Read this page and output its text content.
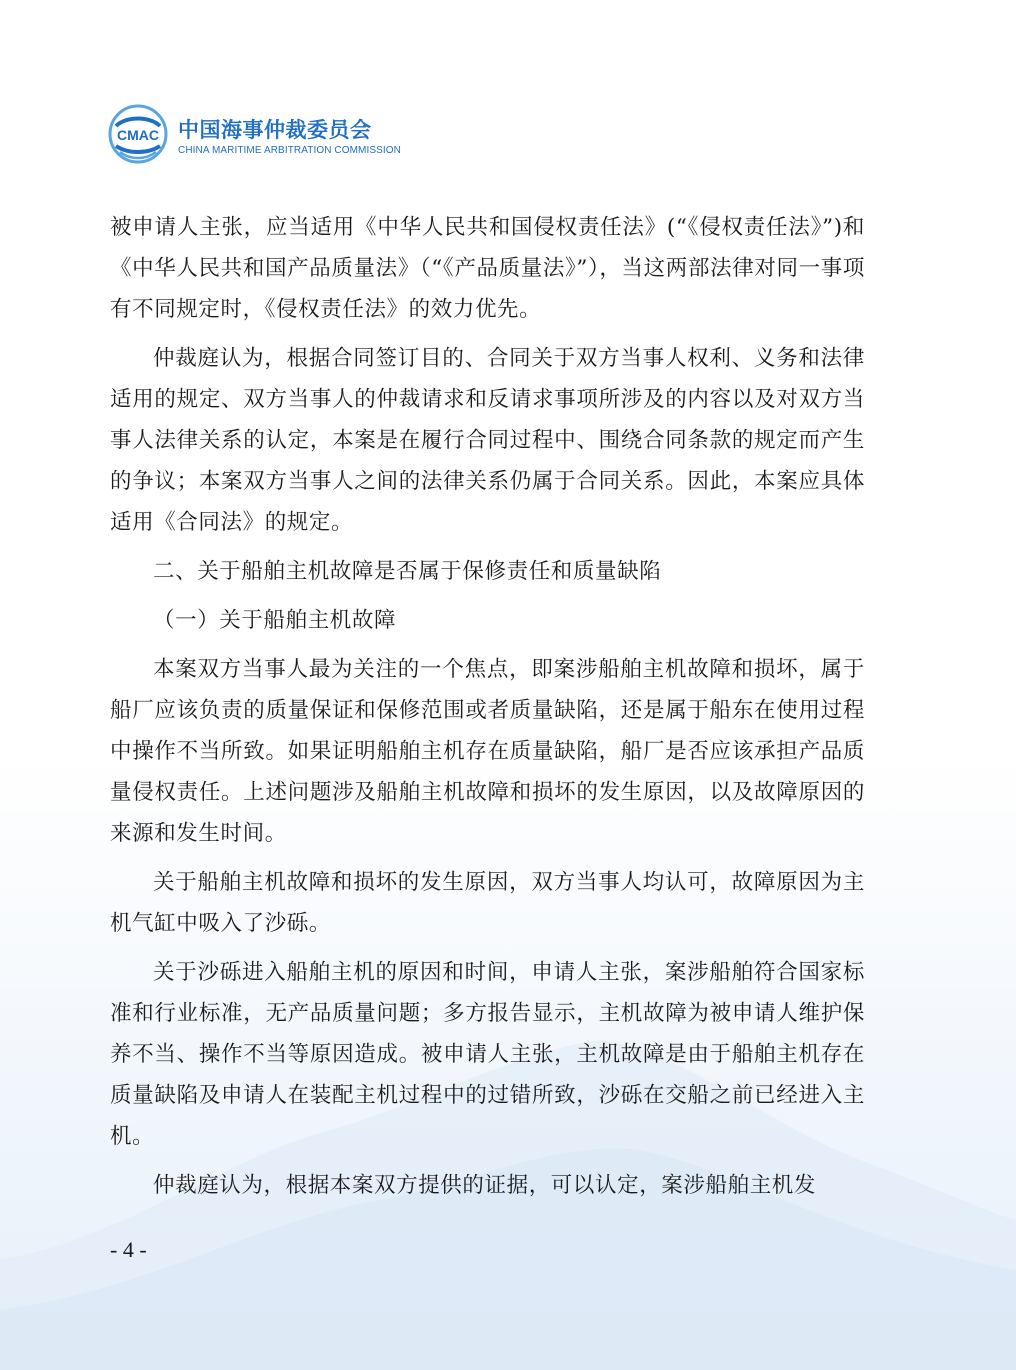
CMAC 中国海事仲裁委员会
CHINA MARITIME ARBITRATION COMMISSION

被申请人主张，应当适用《中华人民共和国侵权责任法》(“《侵权责任法》”)和《中华人民共和国产品质量法》（“《产品质量法》”），当这两部法律对同一事项有不同规定时，《侵权责任法》的效力优先。

仲裁庭认为，根据合同签订目的、合同关于双方当事人权利、义务和法律适用的规定、双方当事人的仲裁请求和反请求事项所涉及的内容以及对双方当事人法律关系的认定，本案是在履行合同过程中、围绕合同条款的规定而产生的争议；本案双方当事人之间的法律关系仍属于合同关系。因此，本案应具体适用《合同法》的规定。

二、关于船舶主机故障是否属于保修责任和质量缺陷

（一）关于船舶主机故障

本案双方当事人最为关注的一个焦点，即案涉船舶主机故障和损坏，属于船厂应该负责的质量保证和保修范围或者质量缺陷，还是属于船东在使用过程中操作不当所致。如果证明船舶主机存在质量缺陷，船厂是否应该承担产品质量侵权责任。上述问题涉及船舶主机故障和损坏的发生原因，以及故障原因的来源和发生时间。

关于船舶主机故障和损坏的发生原因，双方当事人均认可，故障原因为主机气缸中吸入了沙砾。

关于沙砾进入船舶主机的原因和时间，申请人主张，案涉船舶符合国家标准和行业标准，无产品质量问题；多方报告显示，主机故障为被申请人维护保养不当、操作不当等原因造成。被申请人主张，主机故障是由于船舶主机存在质量缺陷及申请人在装配主机过程中的过错所致，沙砾在交船之前已经进入主机。

仲裁庭认为，根据本案双方提供的证据，可以认定，案涉船舶主机发

- 4 -
